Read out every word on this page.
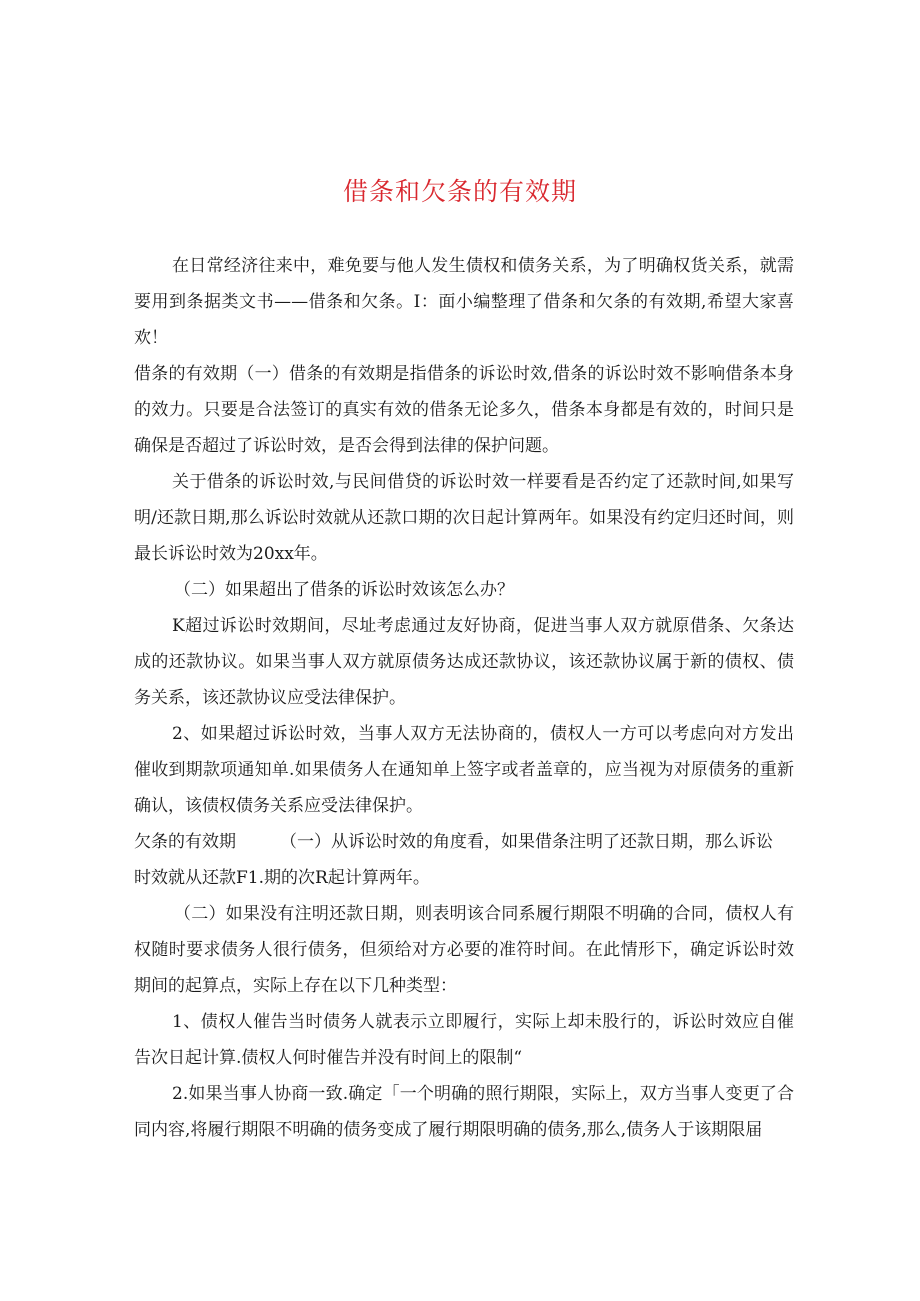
借条和欠条的有效期

在日常经济往来中，难免要与他人发生债权和债务关系，为了明确权货关系，就需要用到条据类文书——借条和欠条。I：面小编整理了借条和欠条的有效期,希望大家喜欢！

借条的有效期（一）借条的有效期是指借条的诉讼时效,借条的诉讼时效不影响借条本身的效力。只要是合法签订的真实有效的借条无论多久，借条本身都是有效的，时间只是确保是否超过了诉讼时效，是否会得到法律的保护问题。

关于借条的诉讼时效,与民间借贷的诉讼时效一样要看是否约定了还款时间,如果写明/还款日期,那么诉讼时效就从还款口期的次日起计算两年。如果没有约定归还时间，则最长诉讼时效为20xx年。

（二）如果超出了借条的诉讼时效该怎么办？

K超过诉讼时效期间，尽址考虑通过友好协商，促进当事人双方就原借条、欠条达成的还款协议。如果当事人双方就原债务达成还款协议，该还款协议属于新的债权、债务关系，该还款协议应受法律保护。

2、如果超过诉讼时效，当事人双方无法协商的，债权人一方可以考虑向对方发出催收到期款项通知单.如果债务人在通知单上签字或者盖章的，应当视为对原债务的重新确认，该债权债务关系应受法律保护。

欠条的有效期	（一）从诉讼时效的角度看，如果借条注明了还款日期，那么诉讼

时效就从还款F1.期的次R起计算两年。

（二）如果没有注明还款日期，则表明该合同系履行期限不明确的合同，债权人有权随时要求债务人很行债务，但须给对方必要的准符时间。在此情形下，确定诉讼时效期间的起算点，实际上存在以下几种类型：

1、债权人催告当时债务人就表示立即履行，实际上却未股行的，诉讼时效应自催告次日起计算.债权人何时催告并没有时间上的限制“

2.如果当事人协商一致.确定「一个明确的照行期限，实际上，双方当事人变更了合同内容,将履行期限不明确的债务变成了履行期限明确的债务,那么,债务人于该期限届
